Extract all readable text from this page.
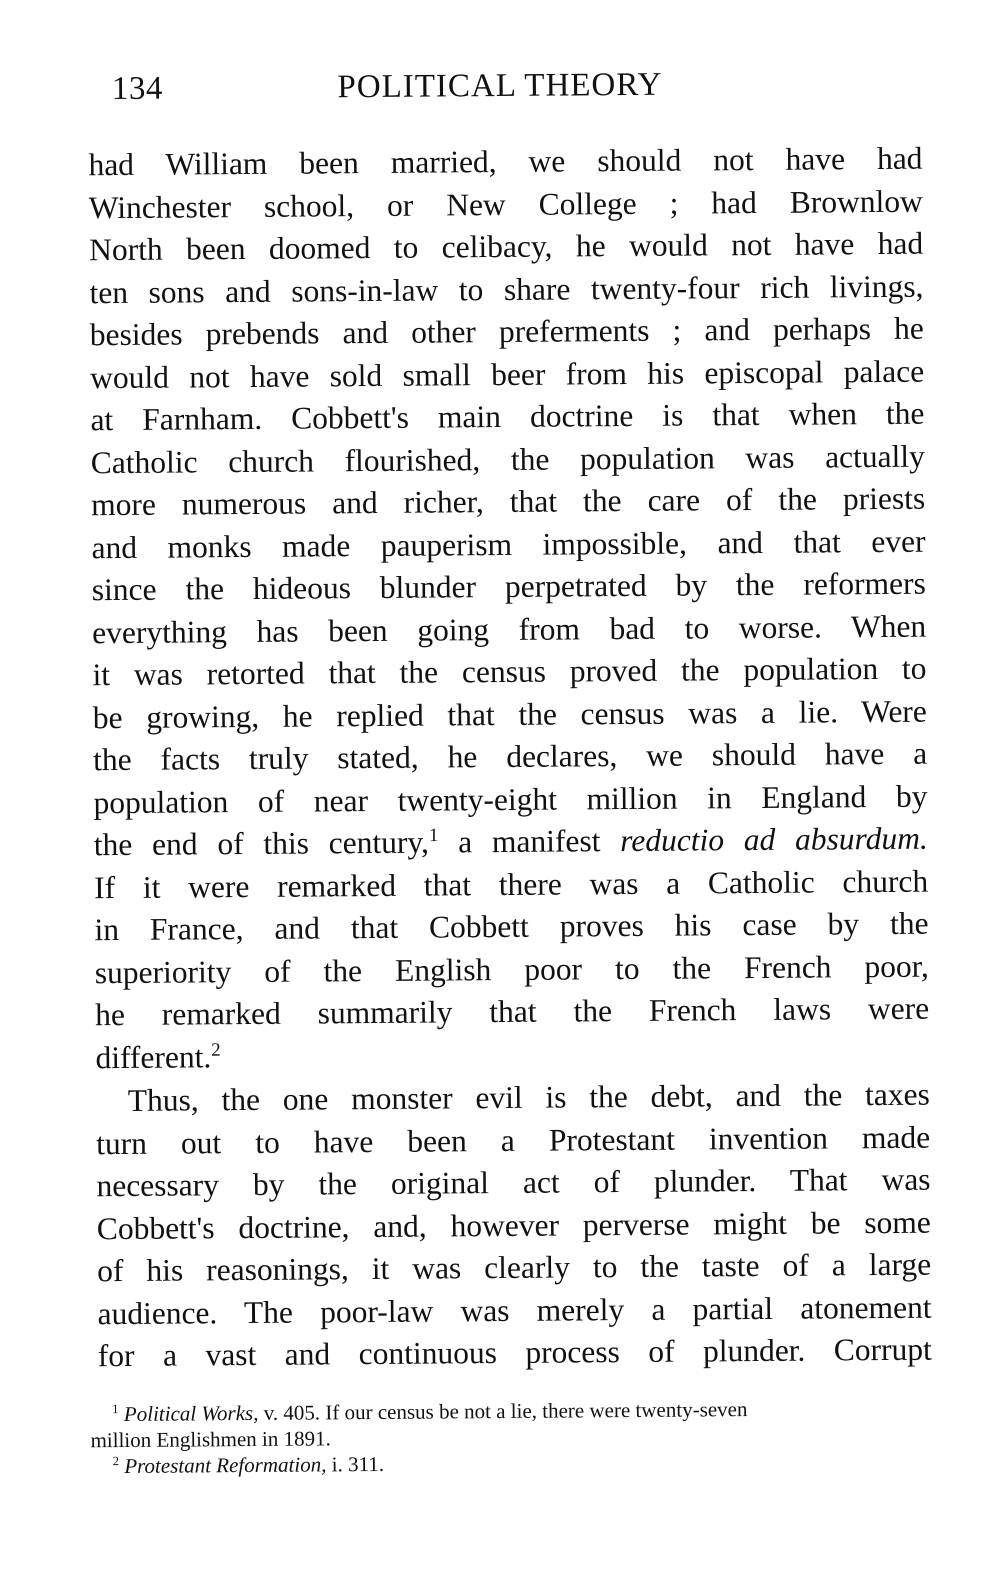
134	POLITICAL THEORY
had William been married, we should not have had
Winchester school, or New College ; had Brownlow
North been doomed to celibacy, he would not have had
ten sons and sons-in-law to share twenty-four rich livings,
besides prebends and other preferments ; and perhaps he
would not have sold small beer from his episcopal palace
at Farnham. Cobbett's main doctrine is that when the
Catholic church flourished, the population was actually
more numerous and richer, that the care of the priests
and monks made pauperism impossible, and that ever
since the hideous blunder perpetrated by the reformers
everything has been going from bad to worse. When
it was retorted that the census proved the population to
be growing, he replied that the census was a lie. Were
the facts truly stated, he declares, we should have a
population of near twenty-eight million in England by
the end of this century,$^1$ a manifest reductio ad absurdum.
If it were remarked that there was a Catholic church
in France, and that Cobbett proves his case by the
superiority of the English poor to the French poor,
he remarked summarily that the French laws were
different.$^2$
Thus, the one monster evil is the debt, and the taxes
turn out to have been a Protestant invention made
necessary by the original act of plunder. That was
Cobbett's doctrine, and, however perverse might be some
of his reasonings, it was clearly to the taste of a large
audience. The poor-law was merely a partial atonement
for a vast and continuous process of plunder. Corrupt
$^1$ Political Works, v. 405. If our census be not a lie, there were twenty-seven
million Englishmen in 1891.
$^2$ Protestant Reformation, i. 311.
